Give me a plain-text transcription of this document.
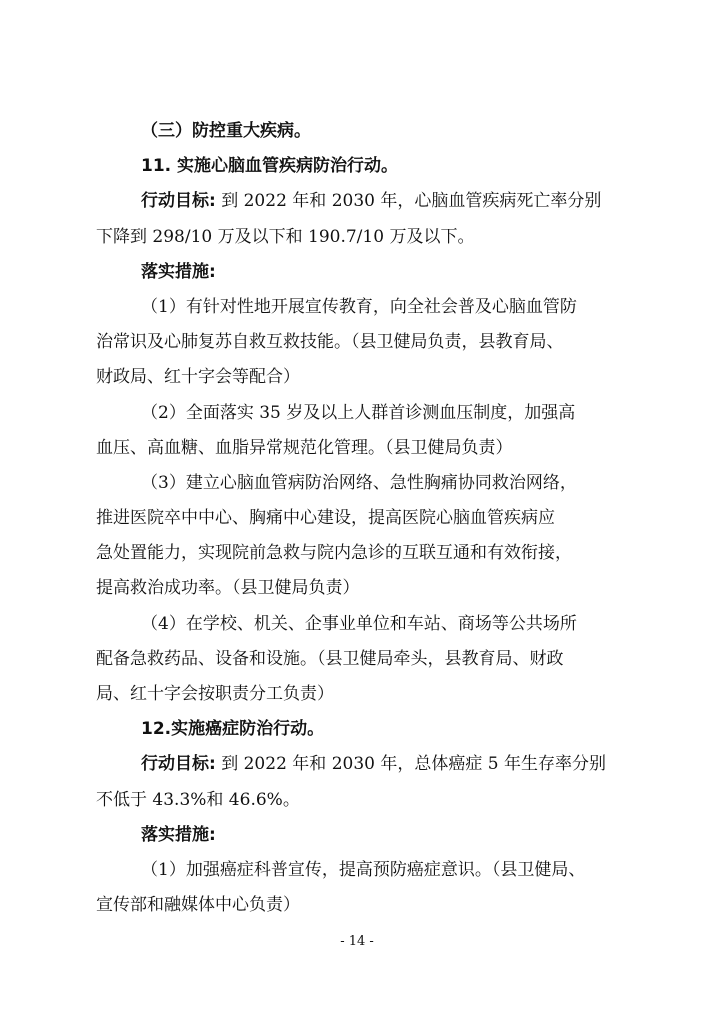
（三）防控重大疾病。
11. 实施心脑血管疾病防治行动。
行动目标: 到 2022 年和 2030 年，心脑血管疾病死亡率分别
下降到 298/10 万及以下和 190.7/10 万及以下。
落实措施:
（1）有针对性地开展宣传教育，向全社会普及心脑血管防
治常识及心肺复苏自救互救技能。（县卫健局负责，县教育局、
财政局、红十字会等配合）
（2）全面落实 35 岁及以上人群首诊测血压制度，加强高
血压、高血糖、血脂异常规范化管理。（县卫健局负责）
（3）建立心脑血管病防治网络、急性胸痛协同救治网络，
推进医院卒中中心、胸痛中心建设，提高医院心脑血管疾病应
急处置能力，实现院前急救与院内急诊的互联互通和有效衔接，
提高救治成功率。（县卫健局负责）
（4）在学校、机关、企事业单位和车站、商场等公共场所
配备急救药品、设备和设施。（县卫健局牵头，县教育局、财政
局、红十字会按职责分工负责）
12.实施癌症防治行动。
行动目标: 到 2022 年和 2030 年，总体癌症 5 年生存率分别
不低于 43.3%和 46.6%。
落实措施:
（1）加强癌症科普宣传，提高预防癌症意识。（县卫健局、
宣传部和融媒体中心负责）
- 14 -
